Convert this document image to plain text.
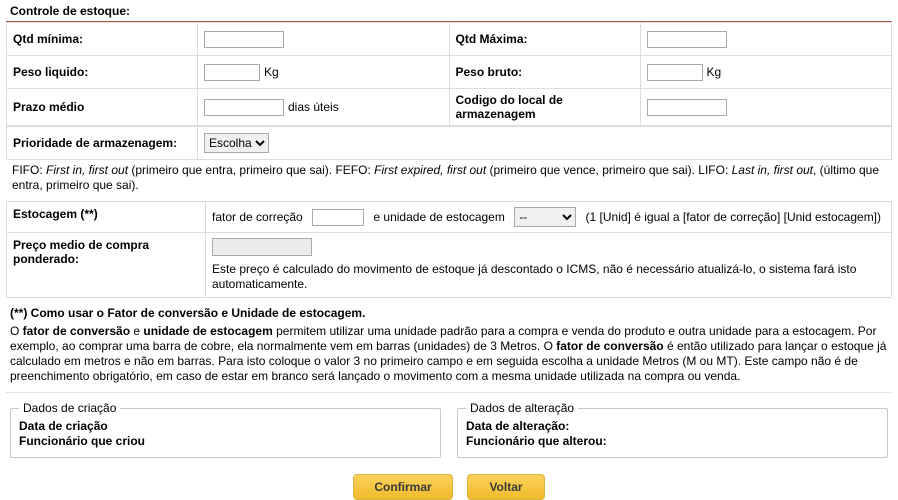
Controle de estoque:
Qtd mínima:		Qtd Máxima:	
Peso liquido:	Kg	Peso bruto:	Kg
Prazo médio	dias úteis	Codigo do local de armazenagem	
Prioridade de armazenagem:	
Escolha
FIFO: First in, first out (primeiro que entra, primeiro que sai). FEFO: First expired, first out (primeiro que vence, primeiro que sai). LIFO: Last in, first out, (último que entra, primeiro que sai).
Estocagem (**)	fator de correção e unidade de estocagem
-- (1 [Unid] é igual a [fator de correção] [Unid estocagem])
Preço medio de compra ponderado:	Este preço é calculado do movimento de estoque já descontado o ICMS, não é necessário atualizá-lo, o sistema fará isto automaticamente.
(**) Como usar o Fator de conversão e Unidade de estocagem.
O fator de conversão e unidade de estocagem permitem utilizar uma unidade padrão para a compra e venda do produto e outra unidade para a estocagem. Por exemplo, ao comprar uma barra de cobre, ela normalmente vem em barras (unidades) de 3 Metros. O fator de conversão é então utilizado para lançar o estoque já calculado em metros e não em barras. Para isto coloque o valor 3 no primeiro campo e em seguida escolha a unidade Metros (M ou MT). Este campo não é de preenchimento obrigatório, em caso de estar em branco será lançado o movimento com a mesma unidade utilizada na compra ou venda.
Dados de criação
Data de criação
Funcionário que criou
Dados de alteração
Data de alteração:
Funcionário que alterou:
Confirmar	Voltar
